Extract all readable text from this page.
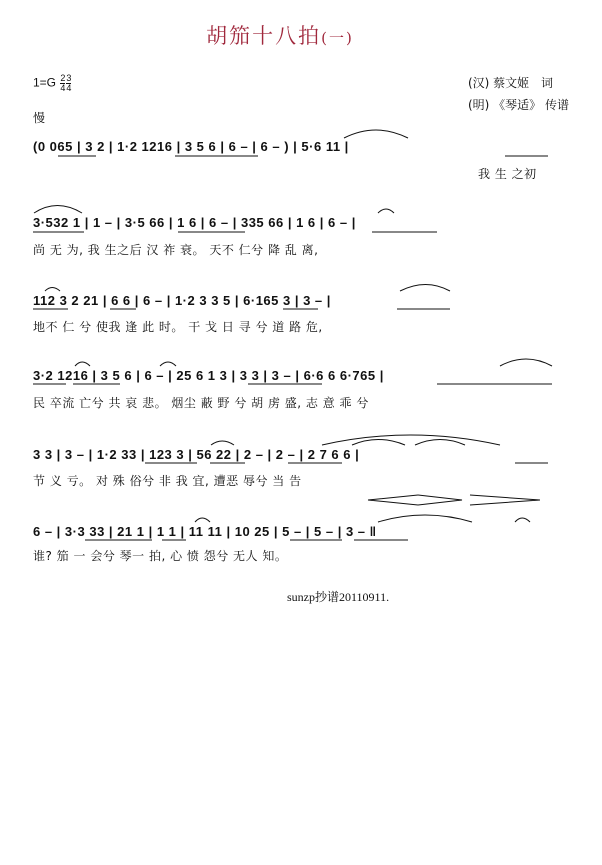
胡笳十八拍(一)
$1=G \frac{2}{4} \frac{3}{4}$	(汉) 蔡文姬 词
(明) 《琴适》 传谱
慢
(0 065 | 3 2 | 1·2 1216 | 3 5 6 | 6 – | 6 – ) | 5·6 11 |
我 生 之初
3·532 1 | 1 – | 3·5 66 | 1 6 | 6 – | 335 66 | 1 6 | 6 – |
尚 无 为, 我 生之后 汉 祚 衰。 天不 仁兮 降 乱 离,
112 3 2 21 | 6 6 | 6 – | 1·2 3 3 5 | 6·165 3 | 3 – |
地不 仁 兮 使我 逢 此 时。 干 戈 日 寻 兮 道 路 危,
3·2 1216 | 3 5 6 | 6 – | 25 6 1 3 | 3 3 | 3 – | 6·6 6 6·765 |
民 卒流 亡兮 共 哀 悲。 烟尘 蔽 野 兮 胡 虏 盛, 志 意 乖 兮
3 3 | 3 – | 1·2 33 | 123 3 | 56 22 | 2 – | 2 – | 2 7 6 6 |
节 义 亏。 对 殊 俗兮 非 我 宜, 遭恶 辱兮 当 告
6 – | 3·3 33 | 21 1 | 1 1 | 11 11 | 10 25 | 5 – | 5 – | 3 – ‖
谁? 笳 一 会兮 琴一 拍, 心 愤 怨兮 无人 知。
sunzp抄谱20110911.
